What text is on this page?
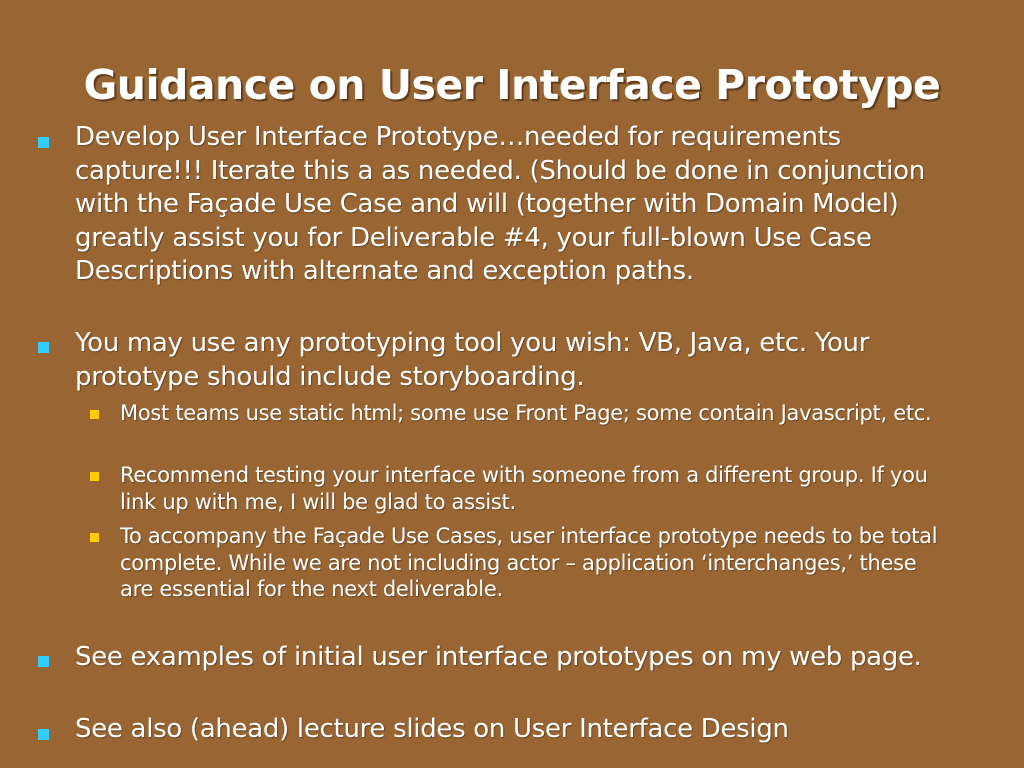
Guidance on User Interface Prototype

Develop User Interface Prototype…needed for requirements capture!!! Iterate this a as needed. (Should be done in conjunction with the Façade Use Case and will (together with Domain Model) greatly assist you for Deliverable #4, your full-blown Use Case Descriptions with alternate and exception paths.

You may use any prototyping tool you wish: VB, Java, etc. Your prototype should include storyboarding.

Most teams use static html; some use Front Page; some contain Javascript, etc.

Recommend testing your interface with someone from a different group. If you link up with me, I will be glad to assist.

To accompany the Façade Use Cases, user interface prototype needs to be total complete. While we are not including actor – application ‘interchanges,’ these are essential for the next deliverable.

See examples of initial user interface prototypes on my web page.

See also (ahead) lecture slides on User Interface Design
